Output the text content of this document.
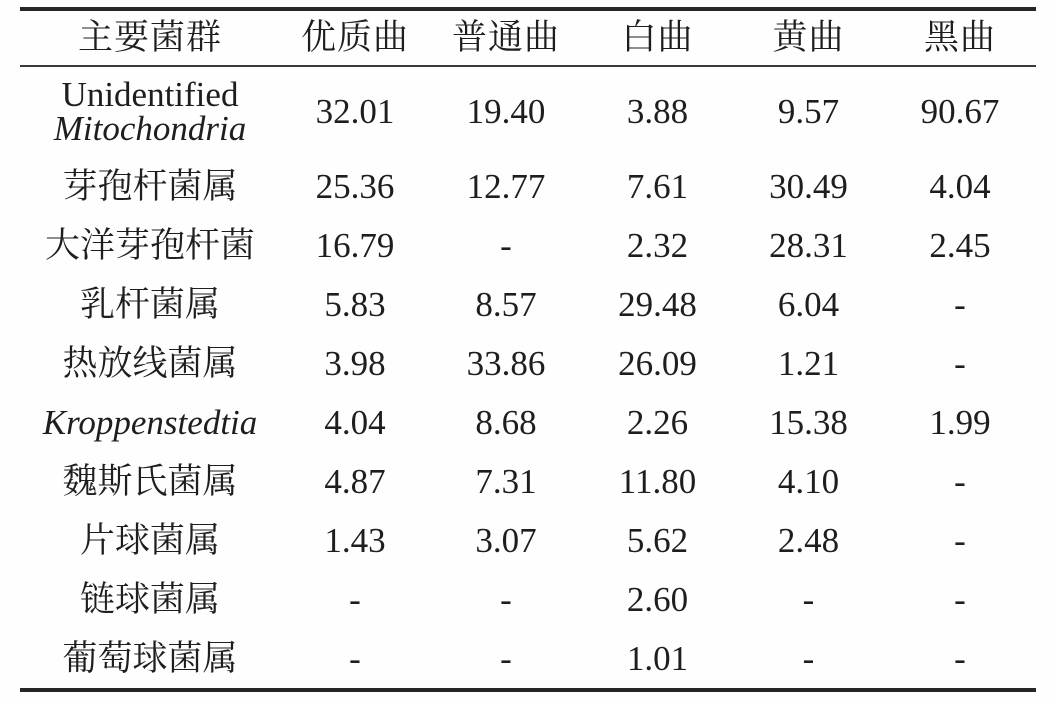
主要菌群	优质曲	普通曲	白曲	黄曲	黑曲
Unidentified
Mitochondria	32.01	19.40	3.88	9.57	90.67
芽孢杆菌属	25.36	12.77	7.61	30.49	4.04
大洋芽孢杆菌	16.79	-	2.32	28.31	2.45
乳杆菌属	5.83	8.57	29.48	6.04	-
热放线菌属	3.98	33.86	26.09	1.21	-
Kroppenstedtia	4.04	8.68	2.26	15.38	1.99
魏斯氏菌属	4.87	7.31	11.80	4.10	-
片球菌属	1.43	3.07	5.62	2.48	-
链球菌属	-	-	2.60	-	-
葡萄球菌属	-	-	1.01	-	-
